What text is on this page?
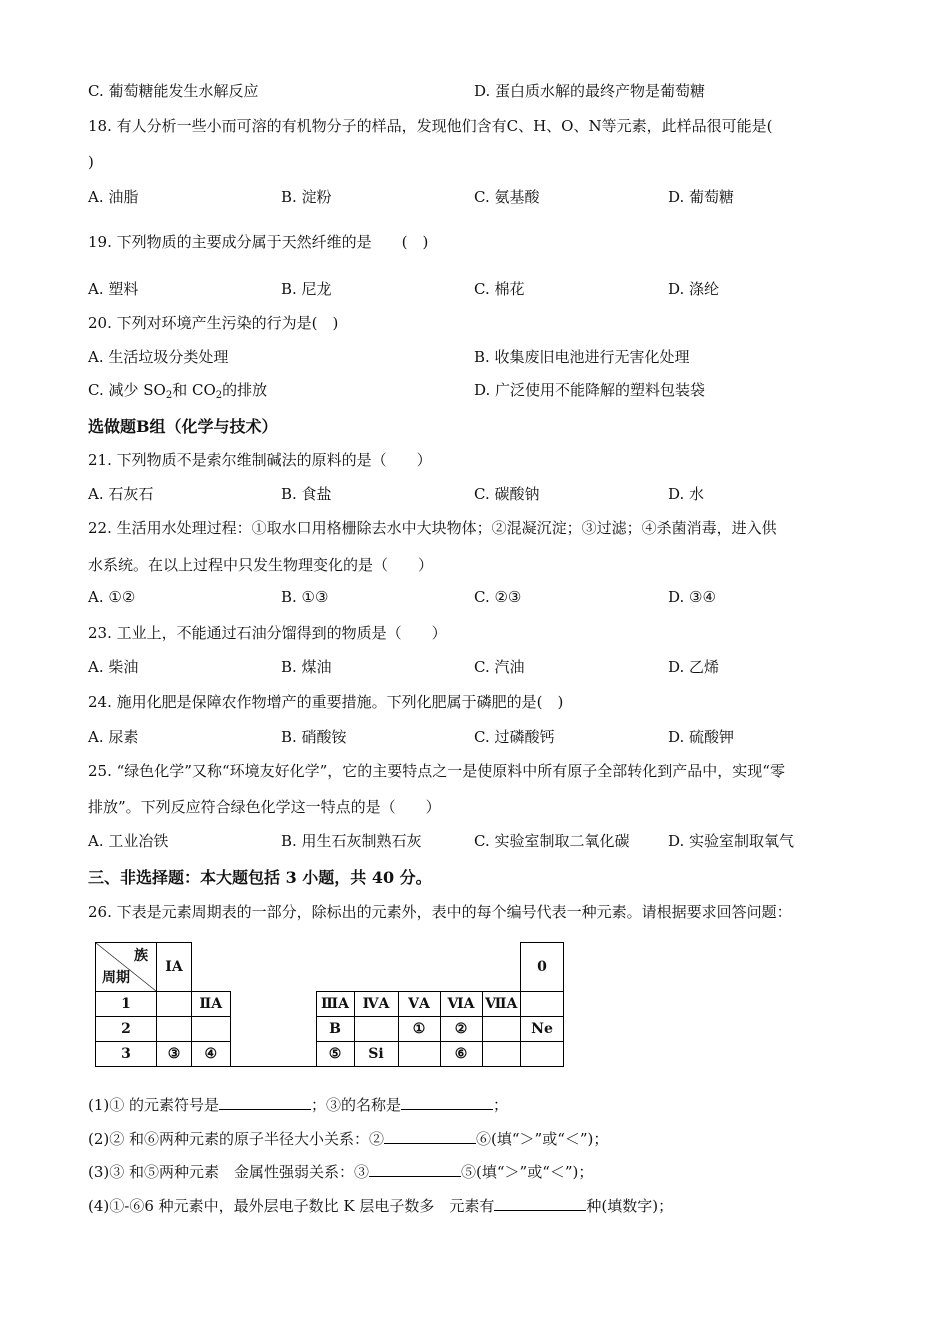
C. 葡萄糖能发生水解反应	D. 蛋白质水解的最终产物是葡萄糖
18. 有人分析一些小而可溶的有机物分子的样品，发现他们含有C、H、O、N等元素，此样品很可能是(
)
A. 油脂	B. 淀粉	C. 氨基酸	D. 葡萄糖
19. 下列物质的主要成分属于天然纤维的是　　(　)
A. 塑料	B. 尼龙	C. 棉花	D. 涤纶
20. 下列对环境产生污染的行为是(　)
A. 生活垃圾分类处理	B. 收集废旧电池进行无害化处理
C. 减少 $SO_2$和 $CO_2$的排放	D. 广泛使用不能降解的塑料包装袋
选做题B组（化学与技术）
21. 下列物质不是索尔维制碱法的原料的是（　　）
A. 石灰石	B. 食盐	C. 碳酸钠	D. 水
22. 生活用水处理过程：①取水口用格栅除去水中大块物体；②混凝沉淀；③过滤；④杀菌消毒，进入供
水系统。在以上过程中只发生物理变化的是（　　）
A. ①②	B. ①③	C. ②③	D. ③④
23. 工业上，不能通过石油分馏得到的物质是（　　）
A. 柴油	B. 煤油	C. 汽油	D. 乙烯
24. 施用化肥是保障农作物增产的重要措施。下列化肥属于磷肥的是(　)
A. 尿素	B. 硝酸铵	C. 过磷酸钙	D. 硫酸钾
25. “绿色化学”又称“环境友好化学”，它的主要特点之一是使原料中所有原子全部转化到产品中，实现“零
排放”。下列反应符合绿色化学这一特点的是（　　）
A. 工业冶铁	B. 用生石灰制熟石灰	C. 实验室制取二氧化碳	D. 实验室制取氧气
三、非选择题：本大题包括 3 小题，共 40 分。
26. 下表是元素周期表的一部分，除标出的元素外，表中的每个编号代表一种元素。请根据要求回答问题：
族
周期	ⅠA								0

1		ⅡA		ⅢA	ⅣA	ⅤA	ⅥA	ⅦA	
2				B		①	②		Ne
3	③	④		⑤	Si		⑥		
(1)① 的元素符号是	；③的名称是	；
(2)② 和⑥两种元素的原子半径大小关系：②	⑥(填“＞”或“＜”)；
(3)③ 和⑤两种元素　金属性强弱关系：③	⑤(填“＞”或“＜”)；
(4)①-⑥6 种元素中，最外层电子数比 K 层电子数多　元素有	种(填数字)；
